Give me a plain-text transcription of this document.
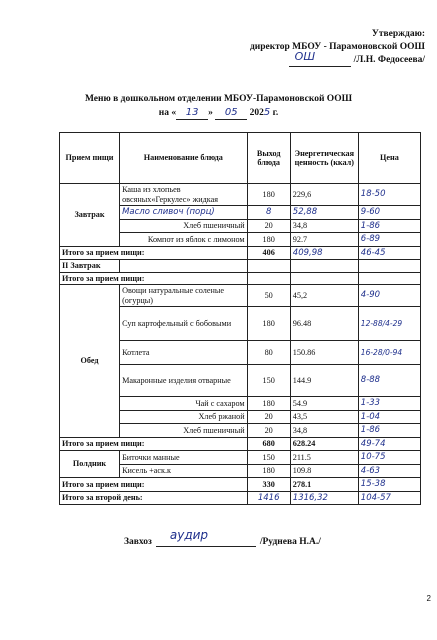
Утверждаю:
директор МБОУ - Парамоновской ООШ
ОШ	/Л.Н. Федосеева/
Меню в дошкольном отделении МБОУ-Парамоновской ООШ
на « 13 » 05 2025 г.
Прием пищи	Наименование блюда	Выход блюда	Энергетическая ценность (ккал)	Цена
Завтрак	Каша из хлопьев овсяных«Геркулес» жидкая	180	229,6	18-50
	Масло сливоч (порц)	8	52,88	9-60
	Хлеб пшеничный	20	34,8	1-86
	Компот из яблок с лимоном	180	92.7	6-89
Итого за прием пищи:		406	409,98	46-45
II Завтрак				
Итого за прием пищи:				
Обед	Овощи натуральные соленые (огурцы)	50	45,2	4-90
	Суп картофельный с бобовыми	180	96.48	12-88/4-29
	Котлета	80	150.86	16-28/0-94
	Макаронные изделия отварные	150	144.9	8-88
	Чай с сахаром	180	54.9	1-33
	Хлеб ржаной	20	43,5	1-04
	Хлеб пшеничный	20	34,8	1-86
Итого за прием пищи:		680	628.24	49-74
Полдник	Биточки манные	150	211.5	10-75
	Кисель +аск.к	180	109.8	4-63
Итого за прием пищи:		330	278.1	15-38
Итого за второй день:		1416	1316,32	104-57
Завхоз аудир	/Руднева Н.А./
2
